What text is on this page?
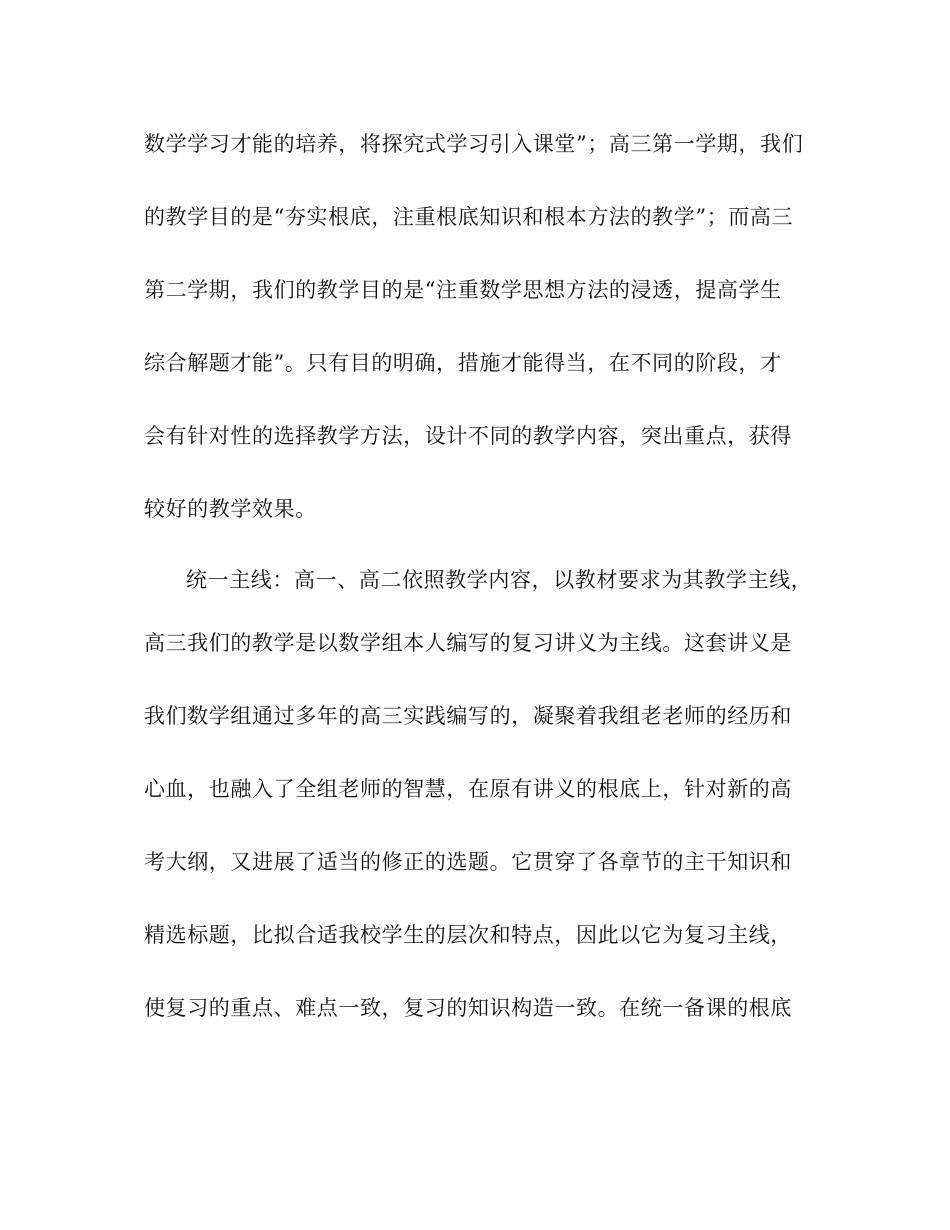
数学学习才能的培养，将探究式学习引入课堂”；高三第一学期，我们
的教学目的是“夯实根底，注重根底知识和根本方法的教学”；而高三
第二学期，我们的教学目的是“注重数学思想方法的浸透，提高学生
综合解题才能”。只有目的明确，措施才能得当，在不同的阶段，才
会有针对性的选择教学方法，设计不同的教学内容，突出重点，获得
较好的教学效果。
统一主线：高一、高二依照教学内容，以教材要求为其教学主线，
高三我们的教学是以数学组本人编写的复习讲义为主线。这套讲义是
我们数学组通过多年的高三实践编写的，凝聚着我组老老师的经历和
心血，也融入了全组老师的智慧，在原有讲义的根底上，针对新的高
考大纲，又进展了适当的修正的选题。它贯穿了各章节的主干知识和
精选标题，比拟合适我校学生的层次和特点，因此以它为复习主线，
使复习的重点、难点一致，复习的知识构造一致。在统一备课的根底
